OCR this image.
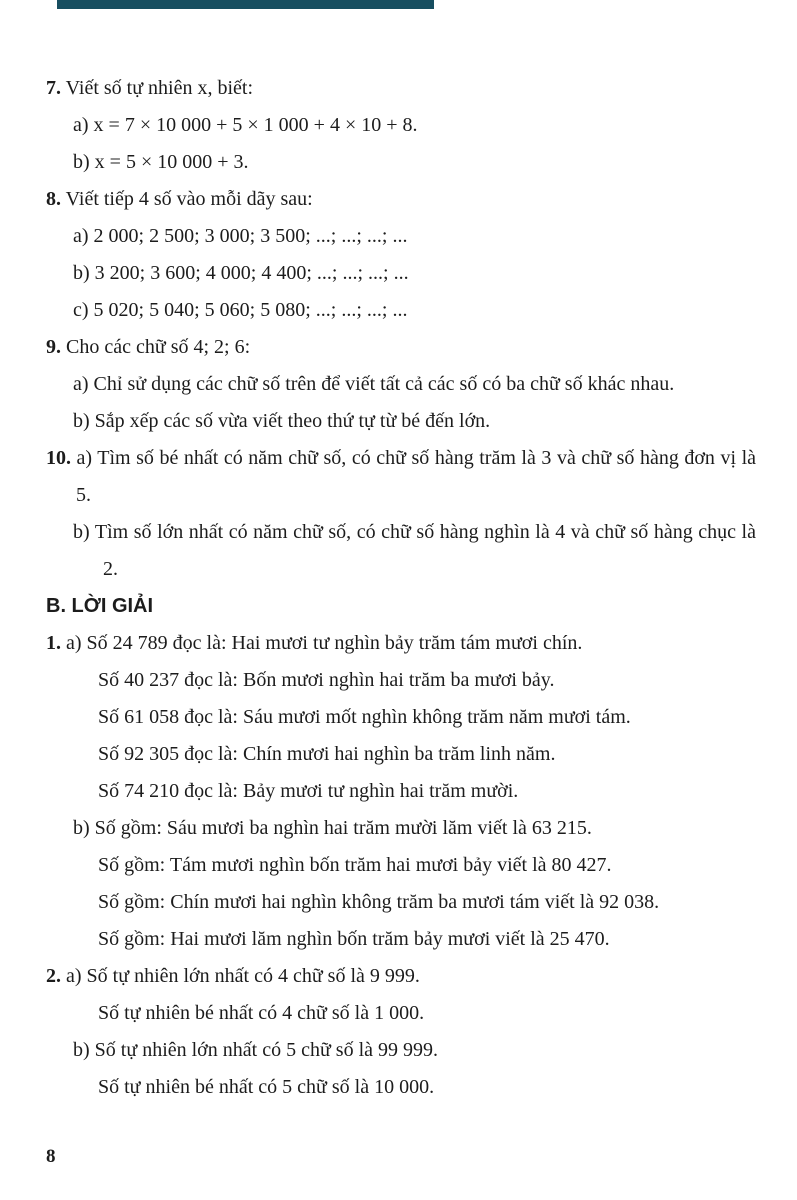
7. Viết số tự nhiên x, biết:
a) x = 7 × 10 000 + 5 × 1 000 + 4 × 10 + 8.
b) x = 5 × 10 000 + 3.
8. Viết tiếp 4 số vào mỗi dãy sau:
a) 2 000; 2 500; 3 000; 3 500; ...; ...; ...; ...
b) 3 200; 3 600; 4 000; 4 400; ...; ...; ...; ...
c) 5 020; 5 040; 5 060; 5 080; ...; ...; ...; ...
9. Cho các chữ số 4; 2; 6:
a) Chỉ sử dụng các chữ số trên để viết tất cả các số có ba chữ số khác nhau.
b) Sắp xếp các số vừa viết theo thứ tự từ bé đến lớn.
10. a) Tìm số bé nhất có năm chữ số, có chữ số hàng trăm là 3 và chữ số hàng đơn vị là 5.
b) Tìm số lớn nhất có năm chữ số, có chữ số hàng nghìn là 4 và chữ số hàng chục là 2.
B. LỜI GIẢI
1. a) Số 24 789 đọc là: Hai mươi tư nghìn bảy trăm tám mươi chín.
Số 40 237 đọc là: Bốn mươi nghìn hai trăm ba mươi bảy.
Số 61 058 đọc là: Sáu mươi mốt nghìn không trăm năm mươi tám.
Số 92 305 đọc là: Chín mươi hai nghìn ba trăm linh năm.
Số 74 210 đọc là: Bảy mươi tư nghìn hai trăm mười.
b) Số gồm: Sáu mươi ba nghìn hai trăm mười lăm viết là 63 215.
Số gồm: Tám mươi nghìn bốn trăm hai mươi bảy viết là 80 427.
Số gồm: Chín mươi hai nghìn không trăm ba mươi tám viết là 92 038.
Số gồm: Hai mươi lăm nghìn bốn trăm bảy mươi viết là 25 470.
2. a) Số tự nhiên lớn nhất có 4 chữ số là 9 999.
Số tự nhiên bé nhất có 4 chữ số là 1 000.
b) Số tự nhiên lớn nhất có 5 chữ số là 99 999.
Số tự nhiên bé nhất có 5 chữ số là 10 000.
8
